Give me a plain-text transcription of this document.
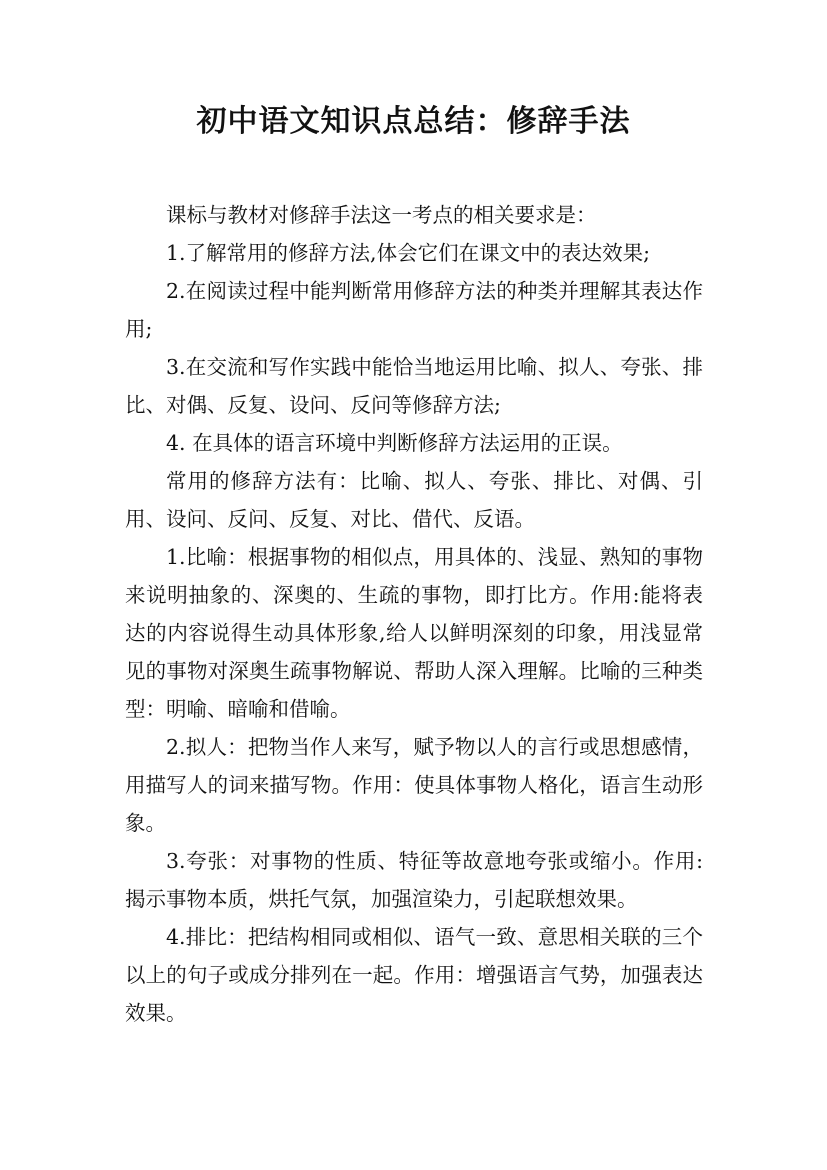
初中语文知识点总结：修辞手法

课标与教材对修辞手法这一考点的相关要求是：

1.了解常用的修辞方法,体会它们在课文中的表达效果;

2.在阅读过程中能判断常用修辞方法的种类并理解其表达作用;

3.在交流和写作实践中能恰当地运用比喻、拟人、夸张、排比、对偶、反复、设问、反问等修辞方法;

4. 在具体的语言环境中判断修辞方法运用的正误。

常用的修辞方法有：比喻、拟人、夸张、排比、对偶、引用、设问、反问、反复、对比、借代、反语。

1.比喻：根据事物的相似点，用具体的、浅显、熟知的事物来说明抽象的、深奥的、生疏的事物，即打比方。作用:能将表达的内容说得生动具体形象,给人以鲜明深刻的印象，用浅显常见的事物对深奥生疏事物解说、帮助人深入理解。比喻的三种类型：明喻、暗喻和借喻。

2.拟人：把物当作人来写，赋予物以人的言行或思想感情，用描写人的词来描写物。作用：使具体事物人格化，语言生动形象。

3.夸张：对事物的性质、特征等故意地夸张或缩小。作用:揭示事物本质，烘托气氛，加强渲染力，引起联想效果。

4.排比：把结构相同或相似、语气一致、意思相关联的三个以上的句子或成分排列在一起。作用：增强语言气势，加强表达效果。
